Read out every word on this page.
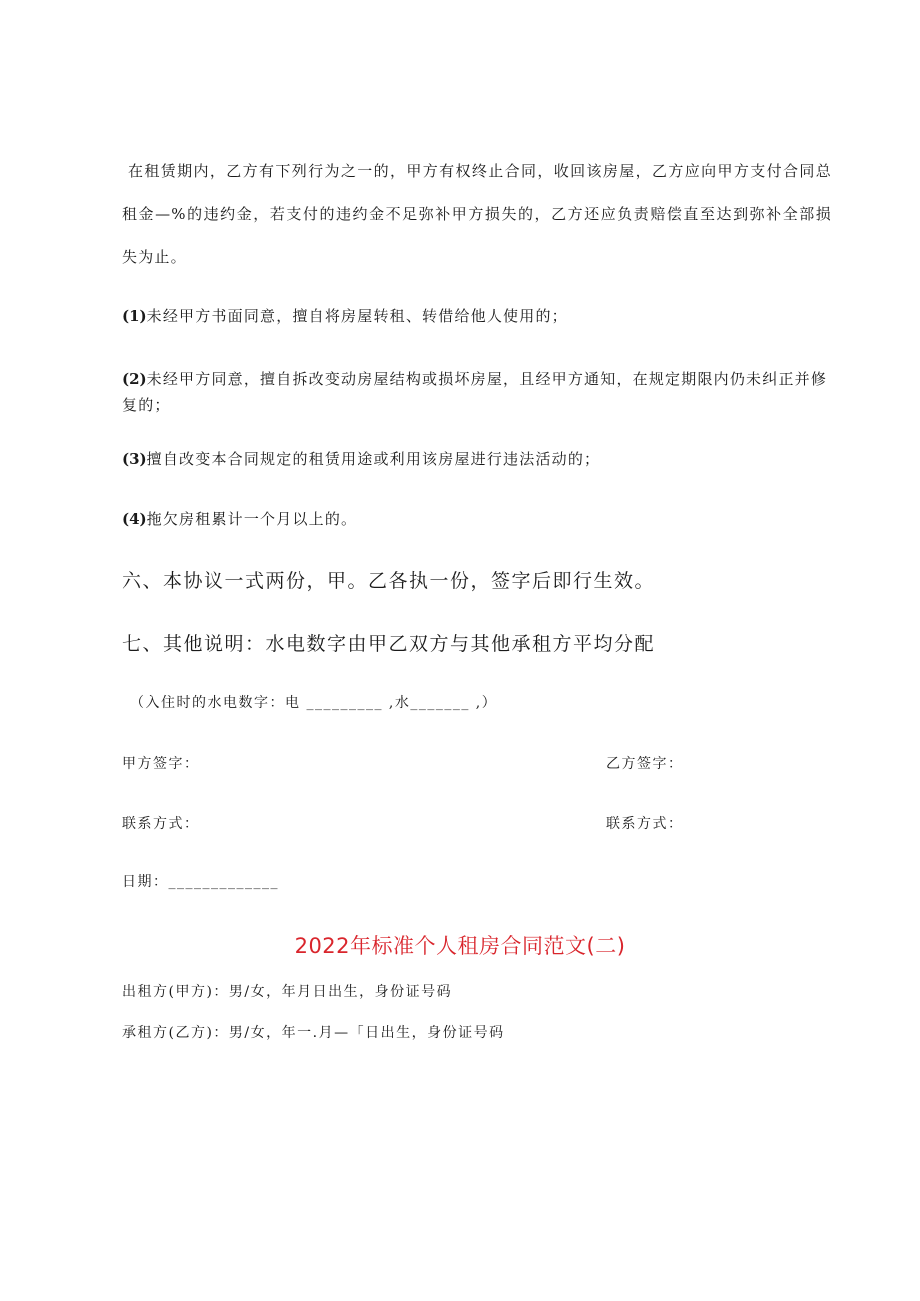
在租赁期内，乙方有下列行为之一的，甲方有权终止合同，收回该房屋，乙方应向甲方支付合同总租金—%的违约金，若支付的违约金不足弥补甲方损失的，乙方还应负责赔偿直至达到弥补全部损失为止。

(1)未经甲方书面同意，擅自将房屋转租、转借给他人使用的；

(2)未经甲方同意，擅自拆改变动房屋结构或损坏房屋，且经甲方通知，在规定期限内仍未纠正并修复的；

(3)擅自改变本合同规定的租赁用途或利用该房屋进行违法活动的；

(4)拖欠房租累计一个月以上的。

六、本协议一式两份，甲。乙各执一份，签字后即行生效。

七、其他说明：水电数字由甲乙双方与其他承租方平均分配

（入住时的水电数字：电 _________ ,水_______ ,）

甲方签字：	乙方签字：

联系方式：	联系方式：

日期：_____________

2022年标准个人租房合同范文(二)

出租方(甲方)：男/女，年月日出生，身份证号码

承租方(乙方)：男/女，年一.月—「日出生，身份证号码
